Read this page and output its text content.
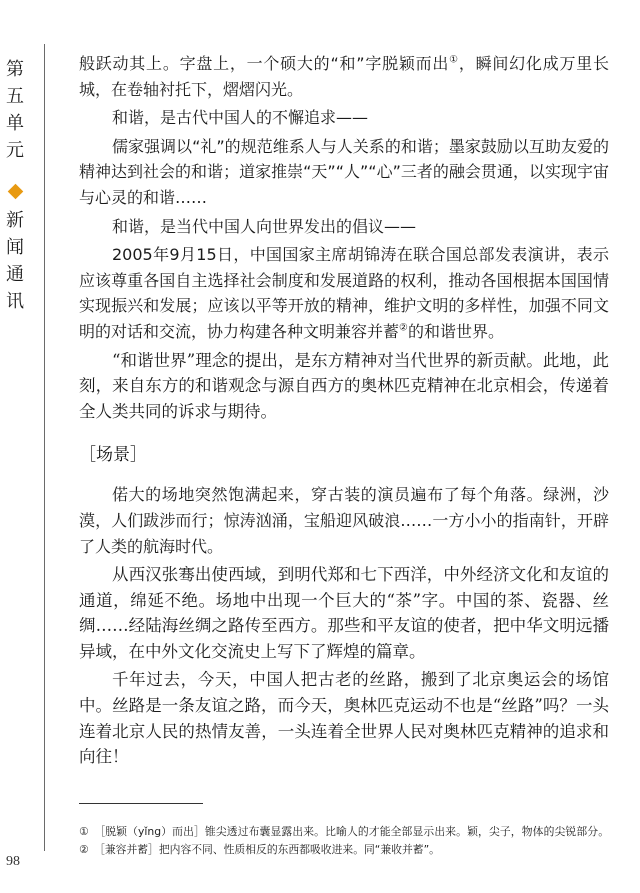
第
五
单
元
新
闻
通
讯
98

般跃动其上。字盘上，一个硕大的“和”字脱颖而出①，瞬间幻化成万里长城，在卷轴衬托下，熠熠闪光。

和谐，是古代中国人的不懈追求——

儒家强调以“礼”的规范维系人与人关系的和谐；墨家鼓励以互助友爱的精神达到社会的和谐；道家推崇“天”“人”“心”三者的融会贯通，以实现宇宙与心灵的和谐……

和谐，是当代中国人向世界发出的倡议——

2005年9月15日，中国国家主席胡锦涛在联合国总部发表演讲，表示应该尊重各国自主选择社会制度和发展道路的权利，推动各国根据本国国情实现振兴和发展；应该以平等开放的精神，维护文明的多样性，加强不同文明的对话和交流，协力构建各种文明兼容并蓄②的和谐世界。

“和谐世界”理念的提出，是东方精神对当代世界的新贡献。此地，此刻，来自东方的和谐观念与源自西方的奥林匹克精神在北京相会，传递着全人类共同的诉求与期待。

［场景］

偌大的场地突然饱满起来，穿古装的演员遍布了每个角落。绿洲，沙漠，人们跋涉而行；惊涛汹涌，宝船迎风破浪……一方小小的指南针，开辟了人类的航海时代。

从西汉张骞出使西域，到明代郑和七下西洋，中外经济文化和友谊的通道，绵延不绝。场地中出现一个巨大的“茶”字。中国的茶、瓷器、丝绸……经陆海丝绸之路传至西方。那些和平友谊的使者，把中华文明远播异域，在中外文化交流史上写下了辉煌的篇章。

千年过去，今天，中国人把古老的丝路，搬到了北京奥运会的场馆中。丝路是一条友谊之路，而今天，奥林匹克运动不也是“丝路”吗？一头连着北京人民的热情友善，一头连着全世界人民对奥林匹克精神的追求和向往！

①　［脱颖（yǐng）而出］锥尖透过布囊显露出来。比喻人的才能全部显示出来。颖，尖子，物体的尖锐部分。②　［兼容并蓄］把内容不同、性质相反的东西都吸收进来。同“兼收并蓄”。
